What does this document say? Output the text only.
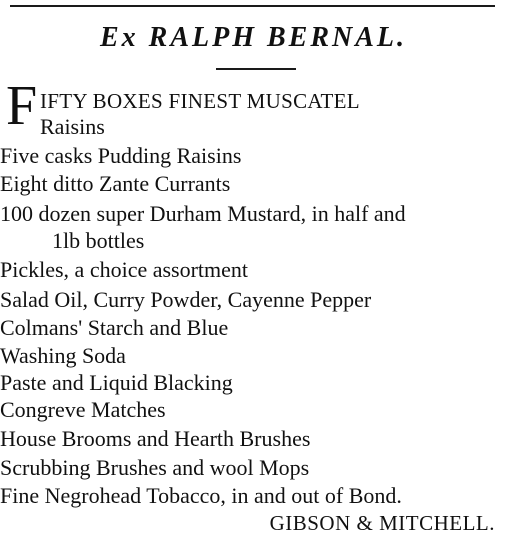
Ex RALPH BERNAL.
F IFTY BOXES FINEST MUSCATEL
Raisins
Five casks Pudding Raisins
Eight ditto Zante Currants
100 dozen super Durham Mustard, in half and
1lb bottles
Pickles, a choice assortment
Salad Oil, Curry Powder, Cayenne Pepper
Colmans' Starch and Blue
Washing Soda
Paste and Liquid Blacking
Congreve Matches
House Brooms and Hearth Brushes
Scrubbing Brushes and wool Mops
Fine Negrohead Tobacco, in and out of Bond.
GIBSON & MITCHELL.
